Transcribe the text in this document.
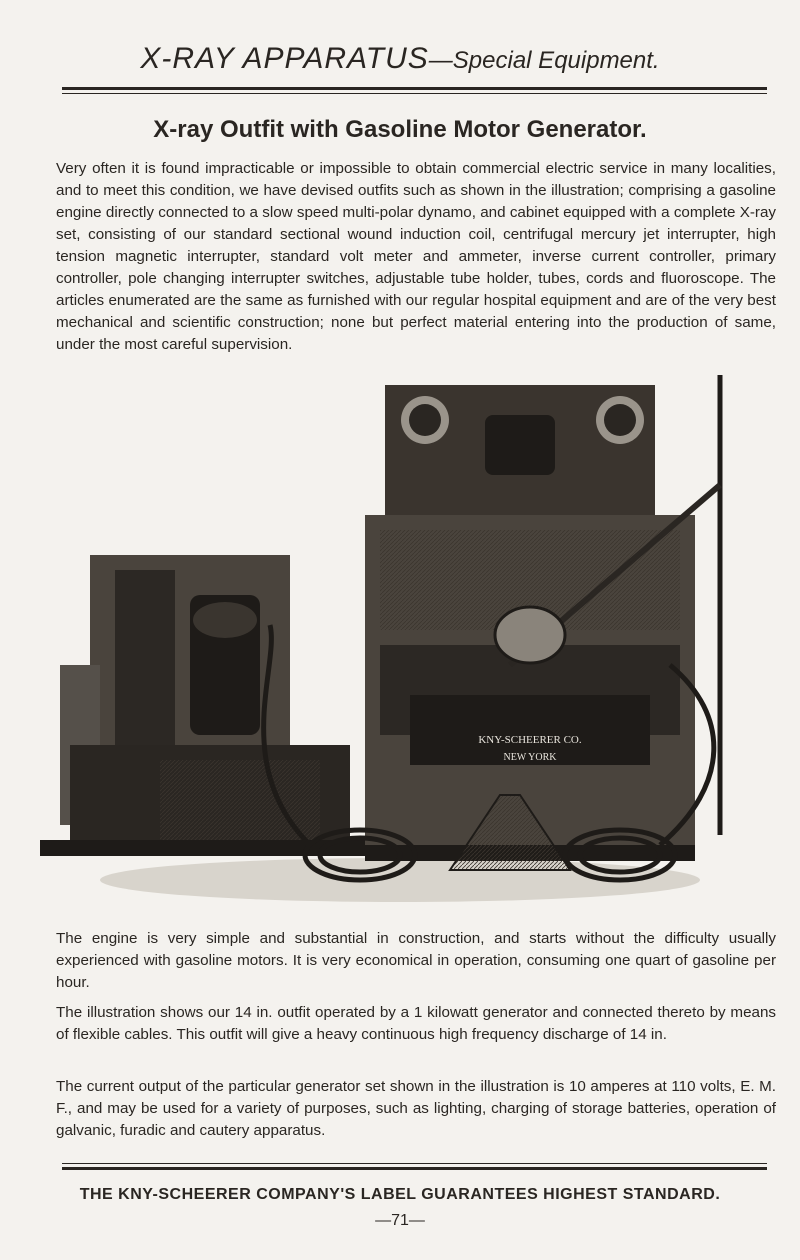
X-RAY APPARATUS—Special Equipment.
X-ray Outfit with Gasoline Motor Generator.

Very often it is found impracticable or impossible to obtain commercial electric service in many localities, and to meet this condition, we have devised outfits such as shown in the illustration; comprising a gasoline engine directly connected to a slow speed multi-polar dynamo, and cabinet equipped with a complete X-ray set, consisting of our standard sectional wound induction coil, centrifugal mercury jet interrupter, high tension magnetic interrupter, standard volt meter and ammeter, inverse current controller, primary controller, pole changing interrupter switches, adjustable tube holder, tubes, cords and fluoroscope. The articles enumerated are the same as furnished with our regular hospital equipment and are of the very best mechanical and scientific construction; none but perfect material entering into the production of same, under the most careful supervision.

KNY-SCHEERER CO.
NEW YORK

The engine is very simple and substantial in construction, and starts without the difficulty usually experienced with gasoline motors. It is very economical in operation, consuming one quart of gasoline per hour.

The illustration shows our 14 in. outfit operated by a 1 kilowatt generator and connected thereto by means of flexible cables. This outfit will give a heavy continuous high frequency discharge of 14 in.

The current output of the particular generator set shown in the illustration is 10 amperes at 110 volts, E. M. F., and may be used for a variety of purposes, such as lighting, charging of storage batteries, operation of galvanic, furadic and cautery apparatus.

THE KNY-SCHEERER COMPANY'S LABEL GUARANTEES HIGHEST STANDARD.
—71—
